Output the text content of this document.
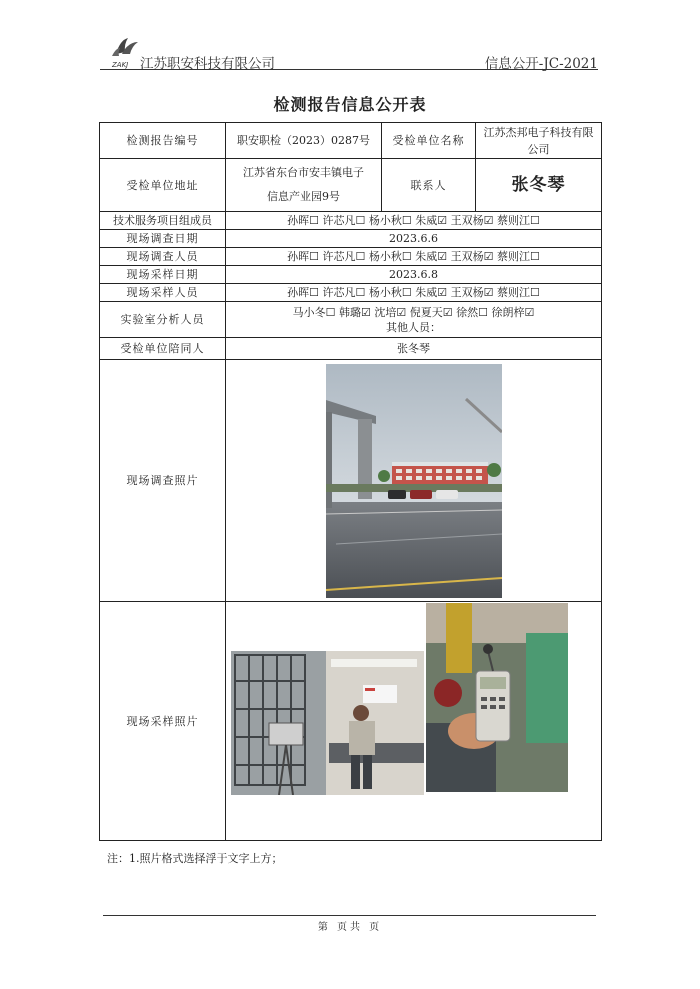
ZAKJ 江苏职安科技有限公司	信息公开-JC-2021
检测报告信息公开表
检测报告编号	职安职检（2023）0287号	受检单位名称	江苏杰邦电子科技有限公司
受检单位地址	江苏省东台市安丰镇电子信息产业园9号	联系人	张冬琴
技术服务项目组成员	孙晖☐ 许芯凡☐ 杨小秋☐ 朱威☑ 王双杨☑ 蔡则江☐		
现场调查日期	2023.6.6		
现场调查人员	孙晖☐ 许芯凡☐ 杨小秋☐ 朱威☑ 王双杨☑ 蔡则江☐		
现场采样日期	2023.6.8		
现场采样人员	孙晖☐ 许芯凡☐ 杨小秋☐ 朱威☑ 王双杨☑ 蔡则江☐		
实验室分析人员	马小冬☐ 韩璐☑ 沈培☑ 倪夏天☑ 徐然☐ 徐朗梓☑
其他人员：		

受检单位陪同人	张冬琴		
现场调查照片	

现场采样照片	
注：1.照片格式选择浮于文字上方；
第 页共 页
